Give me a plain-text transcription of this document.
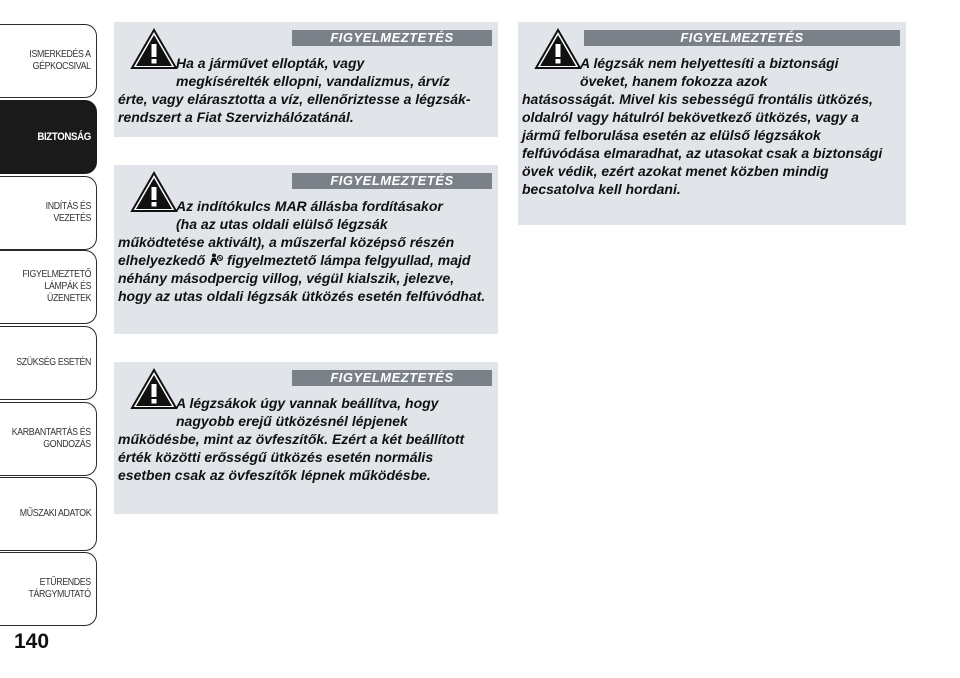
ISMERKEDÉS A
GÉPKOCSIVAL
BIZTONSÁG
INDÍTÁS ÉS VEZETÉS
FIGYELMEZTETŐ
LÁMPÁK ÉS
ÜZENETEK
SZÜKSÉG ESETÉN
KARBANTARTÁS ÉS
GONDOZÁS
MŰSZAKI ADATOK
ETŰRENDES
TÁRGYMUTATÓ
140
FIGYELMEZTETÉS
Ha a járművet ellopták, vagy
megkísérelték ellopni, vandalizmus, árvíz
érte, vagy elárasztotta a víz, ellenőriztesse a légzsák-rendszert a Fiat Szervizhálózatánál.
FIGYELMEZTETÉS
Az indítókulcs MAR állásba fordításakor
(ha az utas oldali elülső légzsák
működtetése aktivált), a műszerfal középső részén elhelyezkedő figyelmeztető lámpa felgyullad, majd néhány másodpercig villog, végül kialszik, jelezve, hogy az utas oldali légzsák ütközés esetén felfúvódhat.
FIGYELMEZTETÉS
A légzsákok úgy vannak beállítva, hogy
nagyobb erejű ütközésnél lépjenek
működésbe, mint az övfeszítők. Ezért a két beállított érték közötti erősségű ütközés esetén normális esetben csak az övfeszítők lépnek működésbe.
FIGYELMEZTETÉS
A légzsák nem helyettesíti a biztonsági
öveket, hanem fokozza azok
hatásosságát. Mivel kis sebességű frontális ütközés, oldalról vagy hátulról bekövetkező ütközés, vagy a jármű felborulása esetén az elülső légzsákok felfúvódása elmaradhat, az utasokat csak a biztonsági övek védik, ezért azokat menet közben mindig becsatolva kell hordani.
